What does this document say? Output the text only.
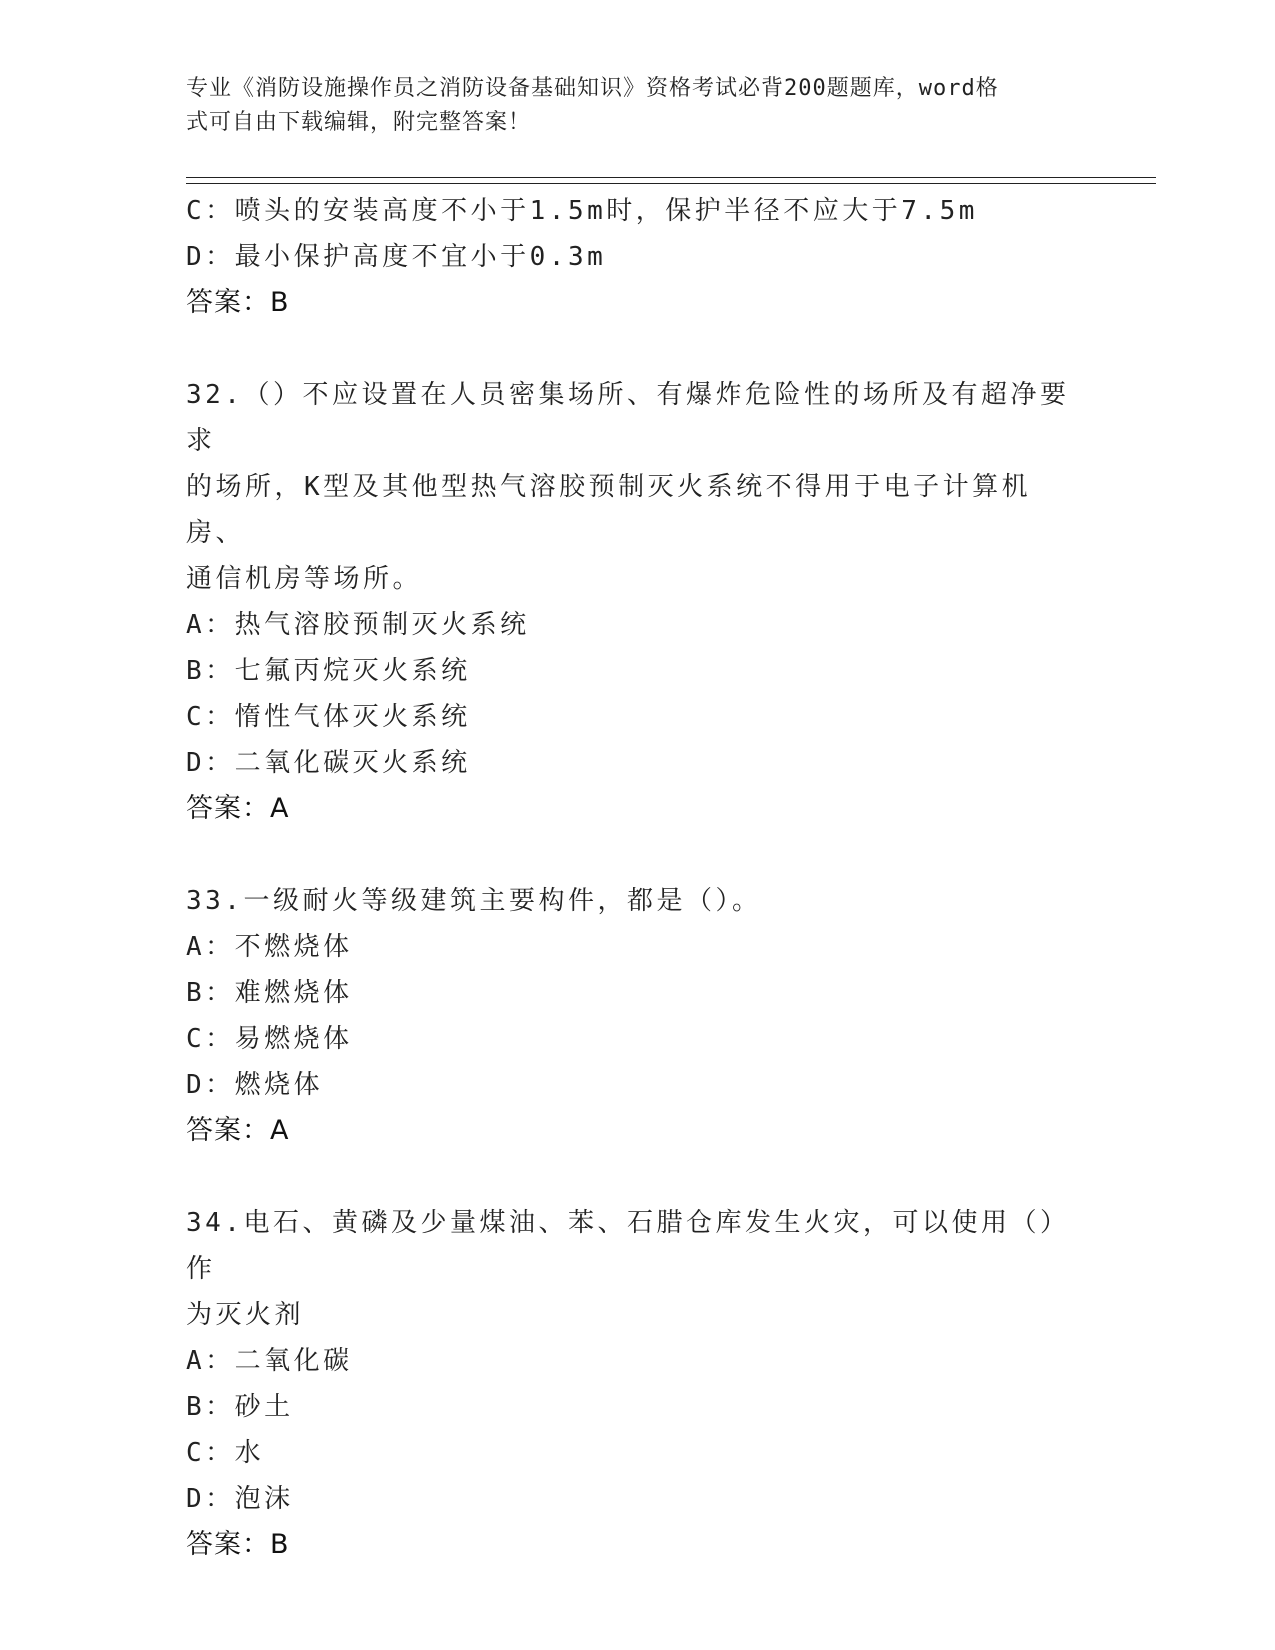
专业《消防设施操作员之消防设备基础知识》资格考试必背200题题库，word格
式可自由下载编辑，附完整答案！
C：喷头的安装高度不小于1.5m时，保护半径不应大于7.5m
D：最小保护高度不宜小于0.3m
答案：B
32.（）不应设置在人员密集场所、有爆炸危险性的场所及有超净要求
的场所，K型及其他型热气溶胶预制灭火系统不得用于电子计算机房、
通信机房等场所。
A：热气溶胶预制灭火系统
B：七氟丙烷灭火系统
C：惰性气体灭火系统
D：二氧化碳灭火系统
答案：A
33.一级耐火等级建筑主要构件，都是（）。
A：不燃烧体
B：难燃烧体
C：易燃烧体
D：燃烧体
答案：A
34.电石、黄磷及少量煤油、苯、石腊仓库发生火灾，可以使用（）作
为灭火剂
A：二氧化碳
B：砂土
C：水
D：泡沫
答案：B
